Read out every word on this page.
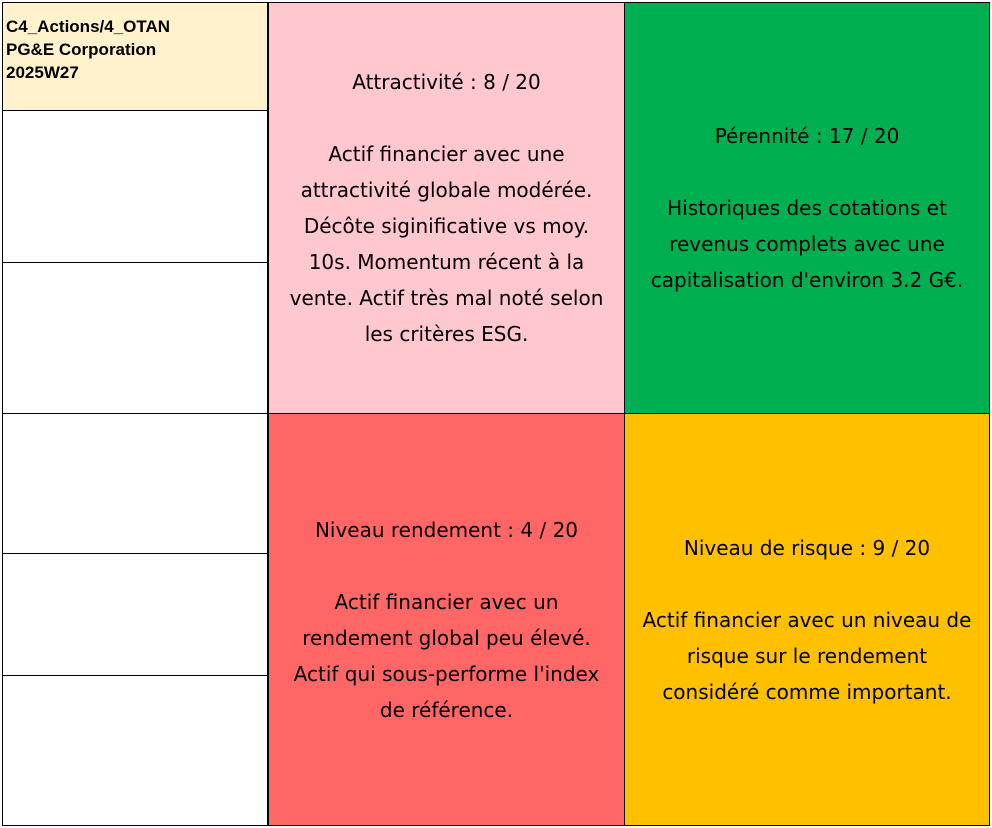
C4_Actions/4_OTAN
PG&E Corporation
2025W27	Attractivité : 8 / 20
Actif financier avec une
attractivité globale modérée.
Décôte siginificative vs moy.
10s. Momentum récent à la
vente. Actif très mal noté selon
les critères ESG.
Pérennité : 17 / 20
Historiques des cotations et
revenus complets avec une
capitalisation d'environ 3.2 G€.
Niveau rendement : 4 / 20
Actif financier avec un
rendement global peu élevé.
Actif qui sous-performe l'index
de référence.
Niveau de risque : 9 / 20
Actif financier avec un niveau de
risque sur le rendement
considéré comme important.
